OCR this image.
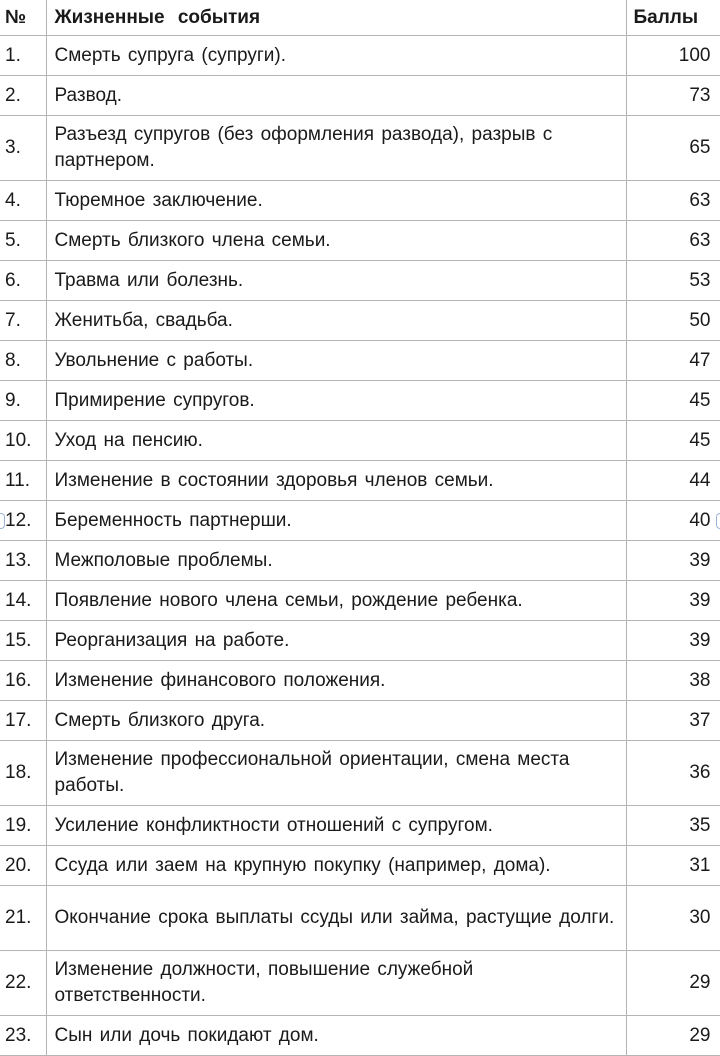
№	Жизненные события	Баллы
1.	Смерть супруга (супруги).	100
2.	Развод.	73
3.	Разъезд супругов (без оформления развода), разрыв с партнером.	65
4.	Тюремное заключение.	63
5.	Смерть близкого члена семьи.	63
6.	Травма или болезнь.	53
7.	Женитьба, свадьба.	50
8.	Увольнение с работы.	47
9.	Примирение супругов.	45
10.	Уход на пенсию.	45
11.	Изменение в состоянии здоровья членов семьи.	44
12.	Беременность партнерши.	40
13.	Межполовые проблемы.	39
14.	Появление нового члена семьи, рождение ребенка.	39
15.	Реорганизация на работе.	39
16.	Изменение финансового положения.	38
17.	Смерть близкого друга.	37
18.	Изменение профессиональной ориентации, смена места работы.	36
19.	Усиление конфликтности отношений с супругом.	35
20.	Ссуда или заем на крупную покупку (например, дома).	31
21.	Окончание срока выплаты ссуды или займа, растущие долги.	30
22.	Изменение должности, повышение служебной ответственности.	29
23.	Сын или дочь покидают дом.	29
